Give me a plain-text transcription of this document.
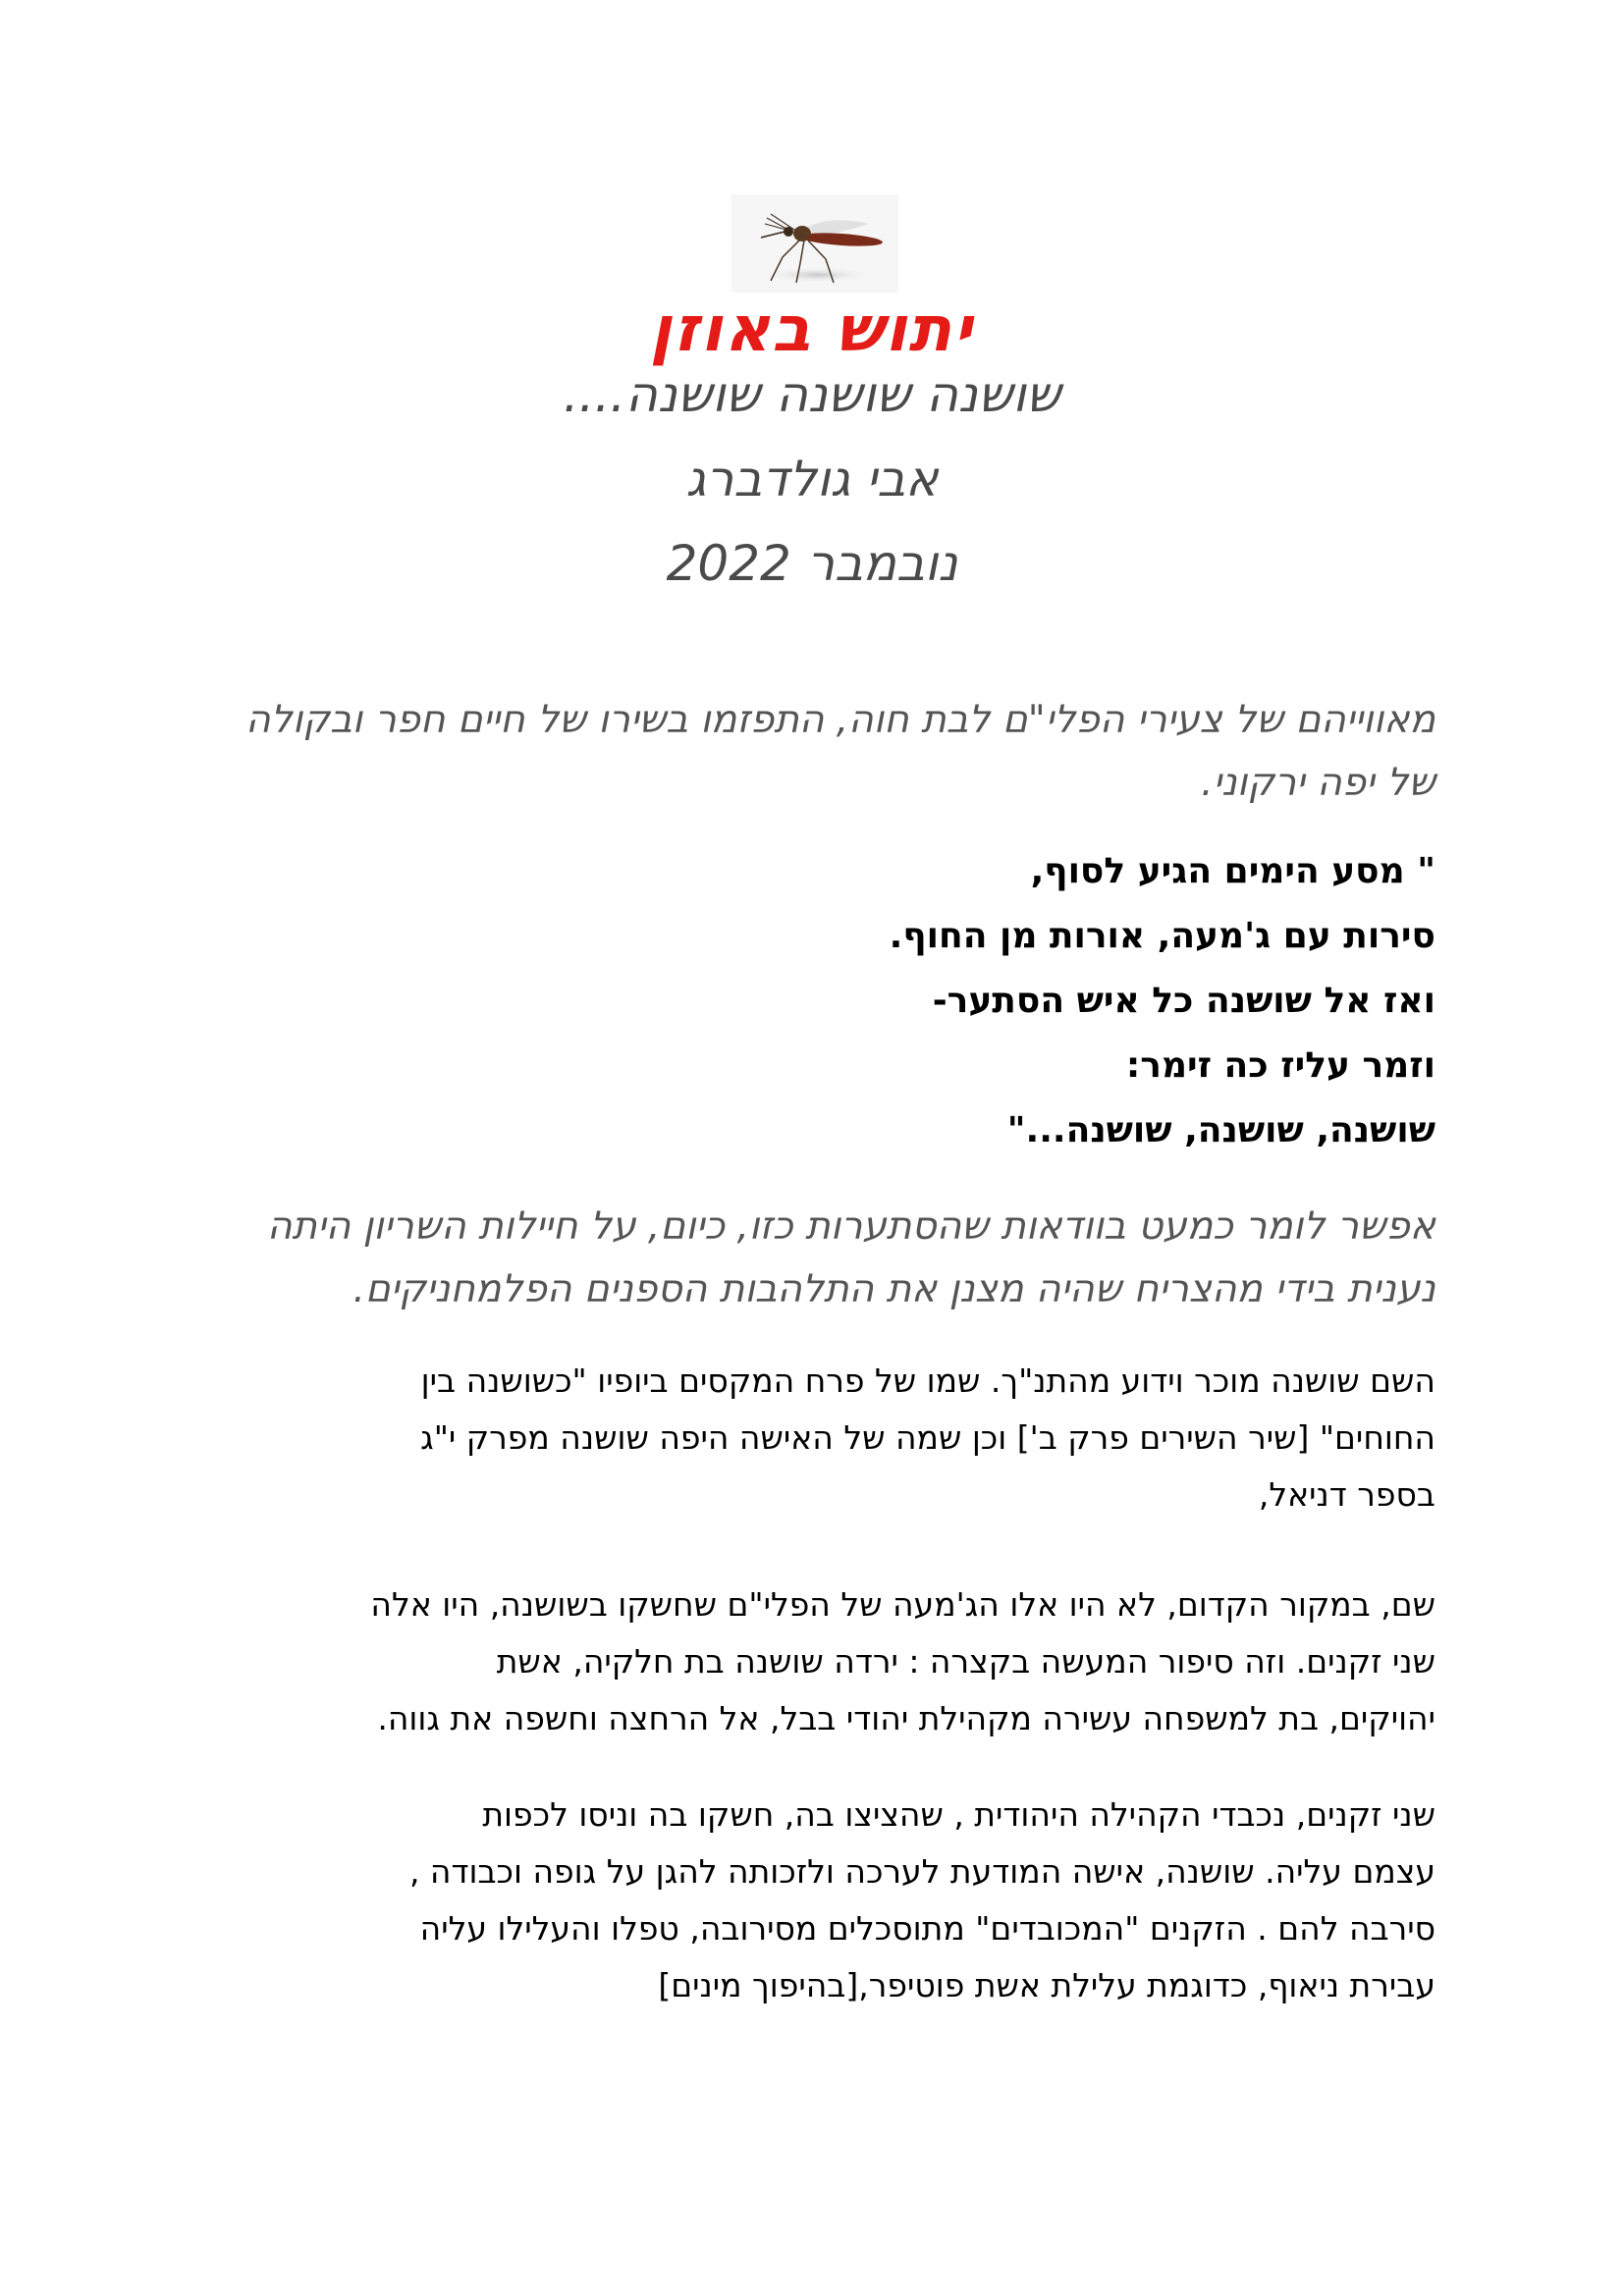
יתוש באוזן
שושנה שושנה שושנה....
אבי גולדברג
נובמבר 2022
מאווייהם של צעירי הפלי"ם לבת חוה, התפזמו בשירו של חיים חפר ובקולה
של יפה ירקוני.
" מסע הימים הגיע לסוף,
סירות עם ג'מעה, אורות מן החוף.
ואז אל שושנה כל איש הסתער-
וזמר עליז כה זימר:
שושנה, שושנה, שושנה..."
אפשר לומר כמעט בוודאות שהסתערות כזו, כיום, על חיילות השריון היתה
נענית בידי מהצריח שהיה מצנן את התלהבות הספנים הפלמחניקים.
השם שושנה מוכר וידוע מהתנ"ך. שמו של פרח המקסים ביופיו "כשושנה בין
החוחים" [שיר השירים פרק ב'] וכן שמה של האישה היפה שושנה מפרק י"ג
בספר דניאל,
שם, במקור הקדום, לא היו אלו הג'מעה של הפלי"ם שחשקו בשושנה, היו אלה
שני זקנים. וזה סיפור המעשה בקצרה : ירדה שושנה בת חלקיה, אשת
יהויקים, בת למשפחה עשירה מקהילת יהודי בבל, אל הרחצה וחשפה את גווה.
שני זקנים, נכבדי הקהילה היהודית , שהציצו בה, חשקו בה וניסו לכפות
עצמם עליה. שושנה, אישה המודעת לערכה ולזכותה להגן על גופה וכבודה ,
סירבה להם . הזקנים "המכובדים" מתוסכלים מסירובה, טפלו והעלילו עליה
עבירת ניאוף, כדוגמת עלילת אשת פוטיפר,[בהיפוך מינים]
